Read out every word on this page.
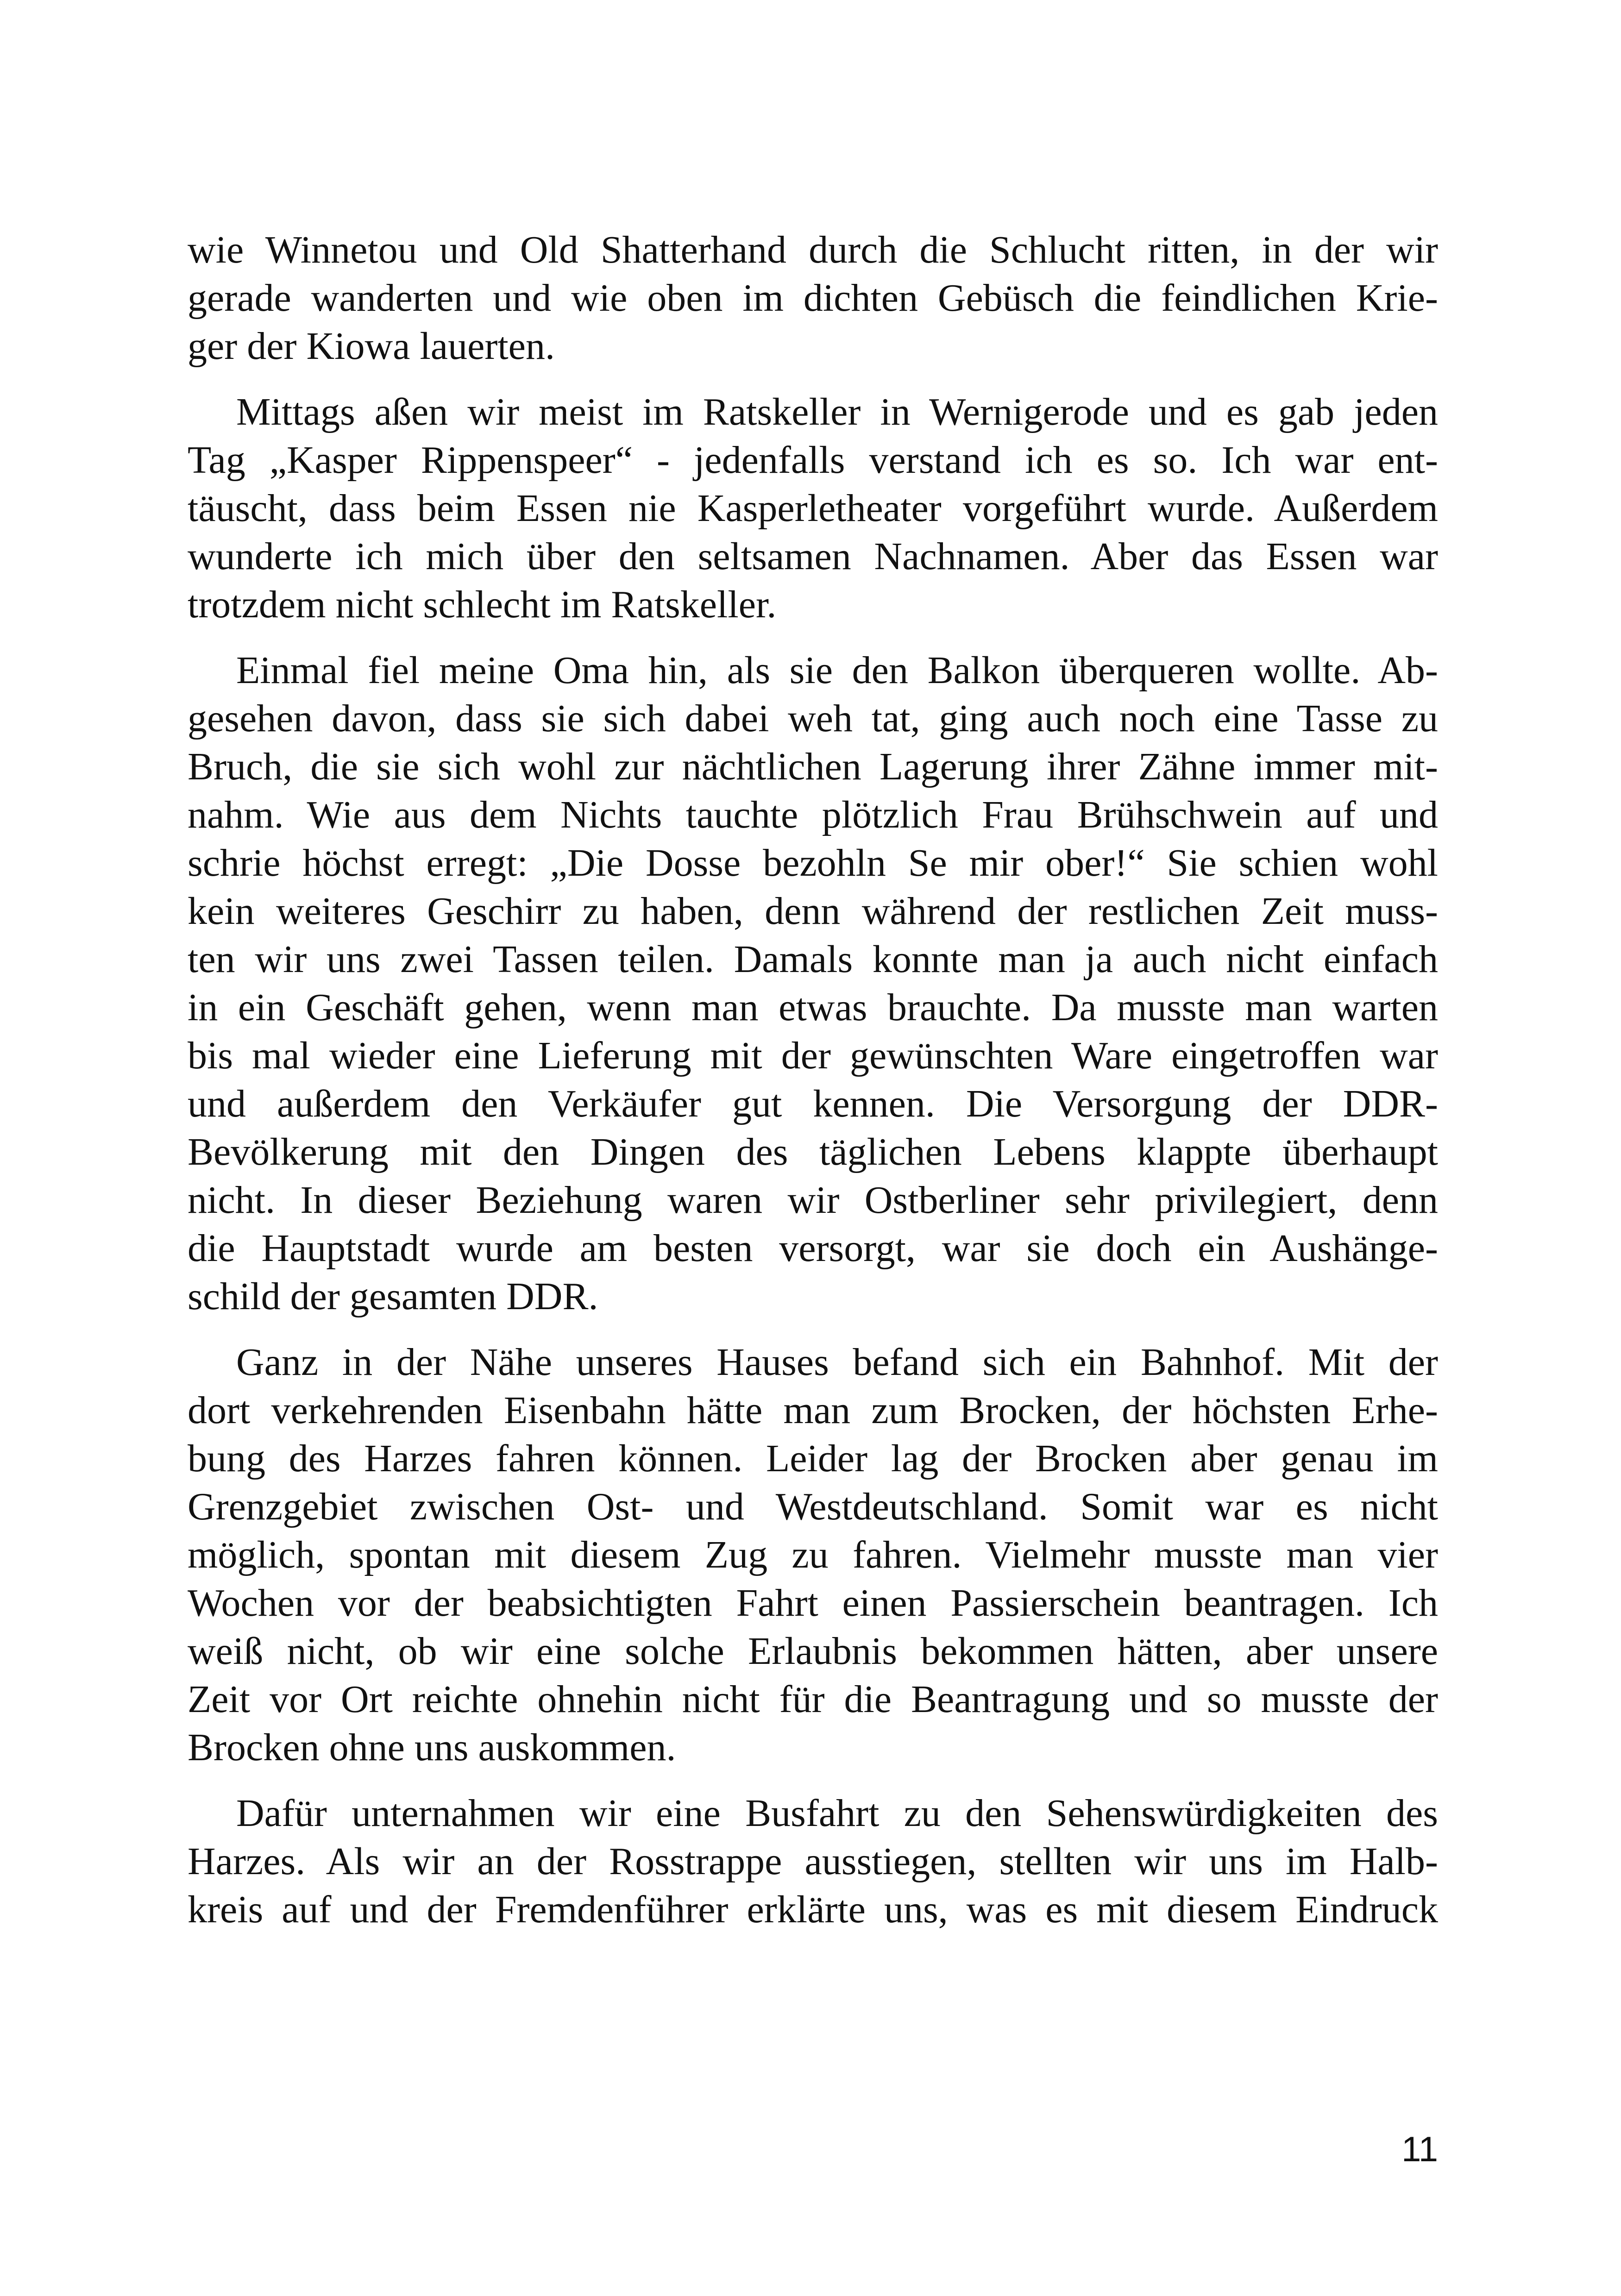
wie Winnetou und Old Shatterhand durch die Schlucht ritten, in der wir
gerade wanderten und wie oben im dichten Gebüsch die feindlichen Krie-
ger der Kiowa lauerten.

Mittags aßen wir meist im Ratskeller in Wernigerode und es gab jeden
Tag „Kasper Rippenspeer“ - jedenfalls verstand ich es so. Ich war ent-
täuscht, dass beim Essen nie Kasperletheater vorgeführt wurde. Außerdem
wunderte ich mich über den seltsamen Nachnamen. Aber das Essen war
trotzdem nicht schlecht im Ratskeller.

Einmal fiel meine Oma hin, als sie den Balkon überqueren wollte. Ab-
gesehen davon, dass sie sich dabei weh tat, ging auch noch eine Tasse zu
Bruch, die sie sich wohl zur nächtlichen Lagerung ihrer Zähne immer mit-
nahm. Wie aus dem Nichts tauchte plötzlich Frau Brühschwein auf und
schrie höchst erregt: „Die Dosse bezohln Se mir ober!“ Sie schien wohl
kein weiteres Geschirr zu haben, denn während der restlichen Zeit muss-
ten wir uns zwei Tassen teilen. Damals konnte man ja auch nicht einfach
in ein Geschäft gehen, wenn man etwas brauchte. Da musste man warten
bis mal wieder eine Lieferung mit der gewünschten Ware eingetroffen war
und außerdem den Verkäufer gut kennen. Die Versorgung der DDR-
Bevölkerung mit den Dingen des täglichen Lebens klappte überhaupt
nicht. In dieser Beziehung waren wir Ostberliner sehr privilegiert, denn
die Hauptstadt wurde am besten versorgt, war sie doch ein Aushänge-
schild der gesamten DDR.

Ganz in der Nähe unseres Hauses befand sich ein Bahnhof. Mit der
dort verkehrenden Eisenbahn hätte man zum Brocken, der höchsten Erhe-
bung des Harzes fahren können. Leider lag der Brocken aber genau im
Grenzgebiet zwischen Ost- und Westdeutschland. Somit war es nicht
möglich, spontan mit diesem Zug zu fahren. Vielmehr musste man vier
Wochen vor der beabsichtigten Fahrt einen Passierschein beantragen. Ich
weiß nicht, ob wir eine solche Erlaubnis bekommen hätten, aber unsere
Zeit vor Ort reichte ohnehin nicht für die Beantragung und so musste der
Brocken ohne uns auskommen.

Dafür unternahmen wir eine Busfahrt zu den Sehenswürdigkeiten des
Harzes. Als wir an der Rosstrappe ausstiegen, stellten wir uns im Halb-
kreis auf und der Fremdenführer erklärte uns, was es mit diesem Eindruck

11
